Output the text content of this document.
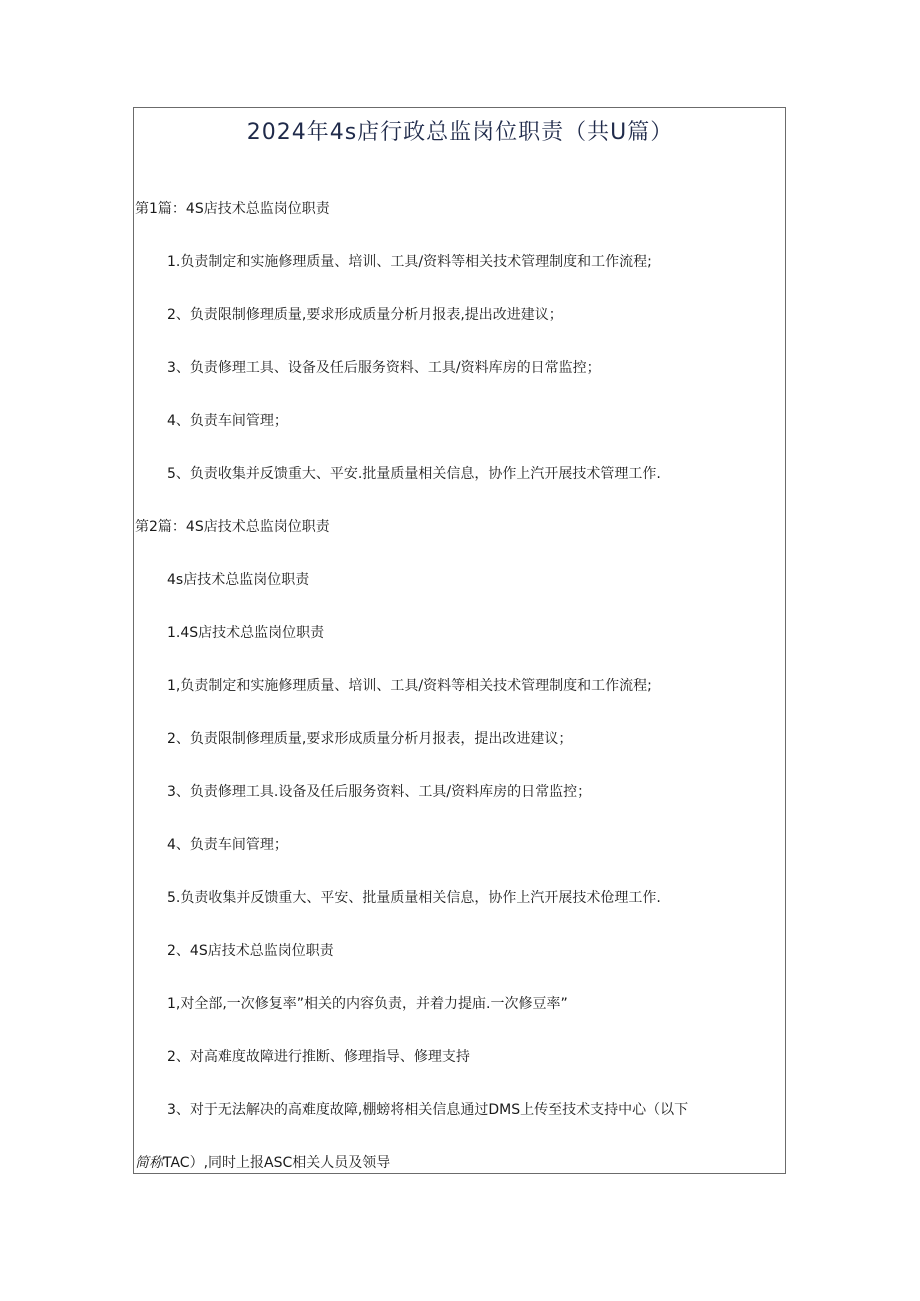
2024年4s店行政总监岗位职责（共U篇）
第1篇：4S店技术总监岗位职责
1.负责制定和实施修理质量、培训、工具/资料等相关技术管理制度和工作流程;
2、负责限制修理质量,要求形成质量分析月报表,提出改进建议；
3、负责修理工具、设备及任后服务资料、工具/资料库房的日常监控；
4、负责车间管理；
5、负责收集并反馈重大、平安.批量质量相关信息，协作上汽开展技术管理工作.
第2篇：4S店技术总监岗位职责
4s店技术总监岗位职责
1.4S店技术总监岗位职责
1,负责制定和实施修理质量、培训、工具/资料等相关技术管理制度和工作流程;
2、负责限制修理质量,要求形成质量分析月报表，提出改进建议；
3、负责修理工具.设备及任后服务资料、工具/资料库房的日常监控；
4、负责车间管理；
5.负责收集并反馈重大、平安、批量质量相关信息，协作上汽开展技术伧理工作.
2、4S店技术总监岗位职责
1,对全部,一次修复率”相关的内容负责，并着力提庙.一次修豆率”
2、对高难度故障进行推断、修理指导、修理支持
3、对于无法解决的高难度故障,棚螃将相关信息通过DMS上传至技术支持中心（以下
简称TAC）,同时上报ASC相关人员及领导
